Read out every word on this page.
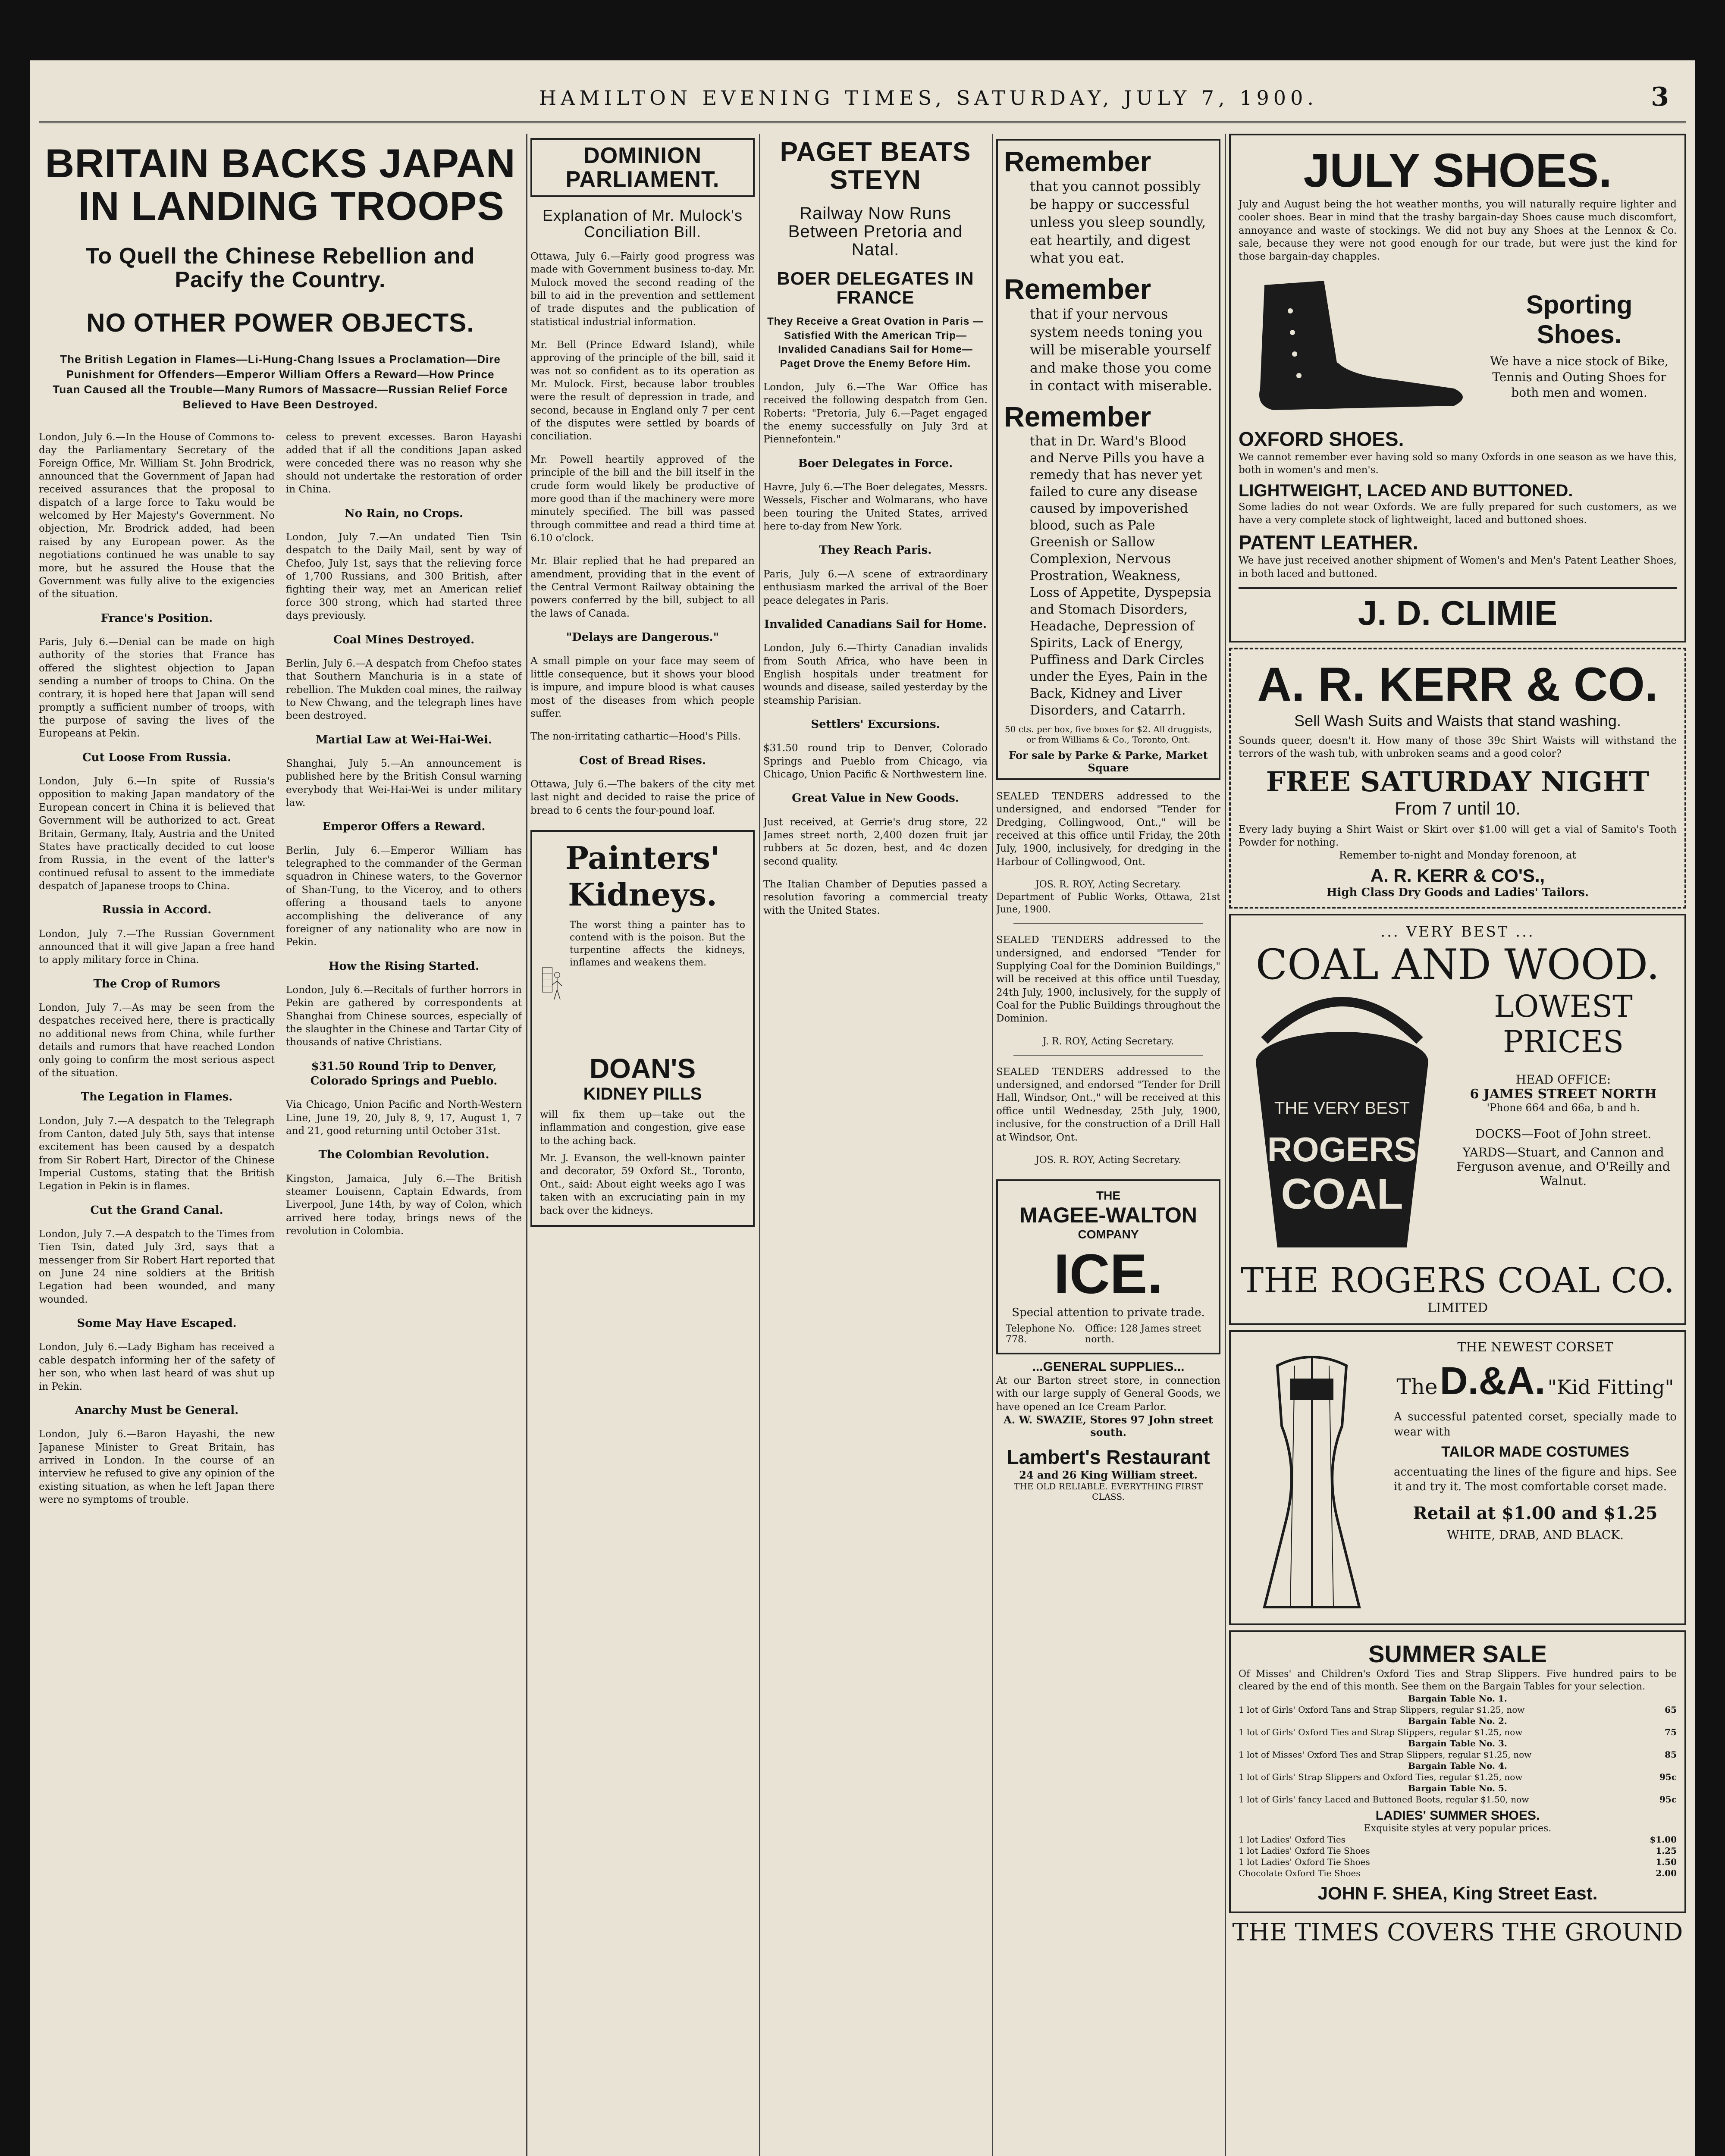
HAMILTON EVENING TIMES, SATURDAY, JULY 7, 1900.	3
BRITAIN BACKS JAPAN
IN LANDING TROOPS
To Quell the Chinese Rebellion and Pacify the Country.
NO OTHER POWER OBJECTS.
The British Legation in Flames—Li-Hung-Chang Issues a Proclamation—Dire Punishment for Offenders—Emperor William Offers a Reward—How Prince Tuan Caused all the Trouble—Many Rumors of Massacre—Russian Relief Force Believed to Have Been Destroyed.

London, July 6.—In the House of Commons to-day the Parliamentary Secretary of the Foreign Office, Mr. William St. John Brodrick, announced that the Government of Japan had received assurances that the proposal to dispatch of a large force to Taku would be welcomed by Her Majesty's Government. No objection, Mr. Brodrick added, had been raised by any European power. As the negotiations continued he was unable to say more, but he assured the House that the Government was fully alive to the exigencies of the situation.

France's Position.

Paris, July 6.—Denial can be made on high authority of the stories that France has offered the slightest objection to Japan sending a number of troops to China. On the contrary, it is hoped here that Japan will send promptly a sufficient number of troops, with the purpose of saving the lives of the Europeans at Pekin.

Cut Loose From Russia.

London, July 6.—In spite of Russia's opposition to making Japan mandatory of the European concert in China it is believed that Government will be authorized to act. Great Britain, Germany, Italy, Austria and the United States have practically decided to cut loose from Russia, in the event of the latter's continued refusal to assent to the immediate despatch of Japanese troops to China.

Russia in Accord.

London, July 7.—The Russian Government announced that it will give Japan a free hand to apply military force in China.

The Crop of Rumors

London, July 7.—As may be seen from the despatches received here, there is practically no additional news from China, while further details and rumors that have reached London only going to confirm the most serious aspect of the situation.

The Legation in Flames.

London, July 7.—A despatch to the Telegraph from Canton, dated July 5th, says that intense excitement has been caused by a despatch from Sir Robert Hart, Director of the Chinese Imperial Customs, stating that the British Legation in Pekin is in flames.

Cut the Grand Canal.

London, July 7.—A despatch to the Times from Tien Tsin, dated July 3rd, says that a messenger from Sir Robert Hart reported that on June 24 nine soldiers at the British Legation had been wounded, and many wounded.

Some May Have Escaped.

London, July 6.—Lady Bigham has received a cable despatch informing her of the safety of her son, who when last heard of was shut up in Pekin.

Anarchy Must be General.

London, July 6.—Baron Hayashi, the new Japanese Minister to Great Britain, has arrived in London. In the course of an interview he refused to give any opinion of the existing situation, as when he left Japan there were no symptoms of trouble.

celess to prevent excesses. Baron Hayashi added that if all the conditions Japan asked were conceded there was no reason why she should not undertake the restoration of order in China.

No Rain, no Crops.

London, July 7.—An undated Tien Tsin despatch to the Daily Mail, sent by way of Chefoo, July 1st, says that the relieving force of 1,700 Russians, and 300 British, after fighting their way, met an American relief force 300 strong, which had started three days previously.

Coal Mines Destroyed.

Berlin, July 6.—A despatch from Chefoo states that Southern Manchuria is in a state of rebellion. The Mukden coal mines, the railway to New Chwang, and the telegraph lines have been destroyed.

Martial Law at Wei-Hai-Wei.

Shanghai, July 5.—An announcement is published here by the British Consul warning everybody that Wei-Hai-Wei is under military law.

Emperor Offers a Reward.

Berlin, July 6.—Emperor William has telegraphed to the commander of the German squadron in Chinese waters, to the Governor of Shan-Tung, to the Viceroy, and to others offering a thousand taels to anyone accomplishing the deliverance of any foreigner of any nationality who are now in Pekin.

How the Rising Started.

London, July 6.—Recitals of further horrors in Pekin are gathered by correspondents at Shanghai from Chinese sources, especially of the slaughter in the Chinese and Tartar City of thousands of native Christians.

$31.50 Round Trip to Denver, Colorado Springs and Pueblo.

Via Chicago, Union Pacific and North-Western Line, June 19, 20, July 8, 9, 17, August 1, 7 and 21, good returning until October 31st.

The Colombian Revolution.

Kingston, Jamaica, July 6.—The British steamer Louisenn, Captain Edwards, from Liverpool, June 14th, by way of Colon, which arrived here today, brings news of the revolution in Colombia.

DOMINION PARLIAMENT.
Explanation of Mr. Mulock's Conciliation Bill.

Ottawa, July 6.—Fairly good progress was made with Government business to-day. Mr. Mulock moved the second reading of the bill to aid in the prevention and settlement of trade disputes and the publication of statistical industrial information.

Mr. Bell (Prince Edward Island), while approving of the principle of the bill, said it was not so confident as to its operation as Mr. Mulock. First, because labor troubles were the result of depression in trade, and second, because in England only 7 per cent of the disputes were settled by boards of conciliation.

Mr. Powell heartily approved of the principle of the bill and the bill itself in the crude form would likely be productive of more good than if the machinery were more minutely specified. The bill was passed through committee and read a third time at 6.10 o'clock.

Mr. Blair replied that he had prepared an amendment, providing that in the event of the Central Vermont Railway obtaining the powers conferred by the bill, subject to all the laws of Canada.

"Delays are Dangerous."

A small pimple on your face may seem of little consequence, but it shows your blood is impure, and impure blood is what causes most of the diseases from which people suffer.

The non-irritating cathartic—Hood's Pills.

Cost of Bread Rises.

Ottawa, July 6.—The bakers of the city met last night and decided to raise the price of bread to 6 cents the four-pound loaf.

Painters' Kidneys.
The worst thing a painter has to contend with is the poison. But the turpentine affects the kidneys, inflames and weakens them.
DOAN'S
KIDNEY PILLS
will fix them up—take out the inflammation and congestion, give ease to the aching back.
Mr. J. Evanson, the well-known painter and decorator, 59 Oxford St., Toronto, Ont., said: About eight weeks ago I was taken with an excruciating pain in my back over the kidneys.
PAGET BEATS STEYN
Railway Now Runs Between Pretoria and Natal.
BOER DELEGATES IN FRANCE
They Receive a Great Ovation in Paris — Satisfied With the American Trip—Invalided Canadians Sail for Home—Paget Drove the Enemy Before Him.

London, July 6.—The War Office has received the following despatch from Gen. Roberts: "Pretoria, July 6.—Paget engaged the enemy successfully on July 3rd at Piennefontein."

Boer Delegates in Force.

Havre, July 6.—The Boer delegates, Messrs. Wessels, Fischer and Wolmarans, who have been touring the United States, arrived here to-day from New York.

They Reach Paris.

Paris, July 6.—A scene of extraordinary enthusiasm marked the arrival of the Boer peace delegates in Paris.

Invalided Canadians Sail for Home.

London, July 6.—Thirty Canadian invalids from South Africa, who have been in English hospitals under treatment for wounds and disease, sailed yesterday by the steamship Parisian.

Settlers' Excursions.

$31.50 round trip to Denver, Colorado Springs and Pueblo from Chicago, via Chicago, Union Pacific & Northwestern line.

Great Value in New Goods.

Just received, at Gerrie's drug store, 22 James street north, 2,400 dozen fruit jar rubbers at 5c dozen, best, and 4c dozen second quality.

The Italian Chamber of Deputies passed a resolution favoring a commercial treaty with the United States.

Remember
that you cannot possibly be happy or successful unless you sleep soundly, eat heartily, and digest what you eat.
Remember
that if your nervous system needs toning you will be miserable yourself and make those you come in contact with miserable.
Remember
that in Dr. Ward's Blood and Nerve Pills you have a remedy that has never yet failed to cure any disease caused by impoverished blood, such as Pale Greenish or Sallow Complexion, Nervous Prostration, Weakness, Loss of Appetite, Dyspepsia and Stomach Disorders, Headache, Depression of Spirits, Lack of Energy, Puffiness and Dark Circles under the Eyes, Pain in the Back, Kidney and Liver Disorders, and Catarrh.
50 cts. per box, five boxes for $2. All druggists, or from Williams & Co., Toronto, Ont.
For sale by Parke & Parke, Market Square

SEALED TENDERS addressed to the undersigned, and endorsed "Tender for Dredging, Collingwood, Ont.," will be received at this office until Friday, the 20th July, 1900, inclusively, for dredging in the Harbour of Collingwood, Ont.

JOS. R. ROY, Acting Secretary.
Department of Public Works, Ottawa, 21st June, 1900.

SEALED TENDERS addressed to the undersigned, and endorsed "Tender for Supplying Coal for the Dominion Buildings," will be received at this office until Tuesday, 24th July, 1900, inclusively, for the supply of Coal for the Public Buildings throughout the Dominion.

J. R. ROY, Acting Secretary.

SEALED TENDERS addressed to the undersigned, and endorsed "Tender for Drill Hall, Windsor, Ont.," will be received at this office until Wednesday, 25th July, 1900, inclusive, for the construction of a Drill Hall at Windsor, Ont.

JOS. R. ROY, Acting Secretary.
THE
MAGEE-WALTON
COMPANY
ICE.
Special attention to private trade.
Telephone No. 778.
Office: 128 James street north.
...GENERAL SUPPLIES...
At our Barton street store, in connection with our large supply of General Goods, we have opened an Ice Cream Parlor.
A. W. SWAZIE, Stores 97 John street south.
Lambert's Restaurant
24 and 26 King William street.
THE OLD RELIABLE. EVERYTHING FIRST CLASS.
JULY SHOES.
July and August being the hot weather months, you will naturally require lighter and cooler shoes. Bear in mind that the trashy bargain-day Shoes cause much discomfort, annoyance and waste of stockings. We did not buy any Shoes at the Lennox & Co. sale, because they were not good enough for our trade, but were just the kind for those bargain-day chapples.
Sporting Shoes.
We have a nice stock of Bike, Tennis and Outing Shoes for both men and women.
OXFORD SHOES.
We cannot remember ever having sold so many Oxfords in one season as we have this, both in women's and men's.
LIGHTWEIGHT, LACED AND BUTTONED.
Some ladies do not wear Oxfords. We are fully prepared for such customers, as we have a very complete stock of lightweight, laced and buttoned shoes.
PATENT LEATHER.
We have just received another shipment of Women's and Men's Patent Leather Shoes, in both laced and buttoned.
J. D. CLIMIE
A. R. KERR & CO.
Sell Wash Suits and Waists that stand washing.
Sounds queer, doesn't it. How many of those 39c Shirt Waists will withstand the terrors of the wash tub, with unbroken seams and a good color?
FREE SATURDAY NIGHT
From 7 until 10.
Every lady buying a Shirt Waist or Skirt over $1.00 will get a vial of Samito's Tooth Powder for nothing.
Remember to-night and Monday forenoon, at
A. R. KERR & CO'S.,
High Class Dry Goods and Ladies' Tailors.
... VERY BEST ...
COAL AND WOOD.
THE VERY BEST
ROGERS
COAL
LOWEST
PRICES
HEAD OFFICE:
6 JAMES STREET NORTH
'Phone 664 and 66a, b and h.
DOCKS—Foot of John street.
YARDS—Stuart, and Cannon and Ferguson avenue, and O'Reilly and Walnut.
THE ROGERS COAL CO. LIMITED
THE NEWEST CORSET
The D.&A. "Kid Fitting"
A successful patented corset, specially made to wear with
TAILOR MADE COSTUMES
accentuating the lines of the figure and hips. See it and try it. The most comfortable corset made.
Retail at $1.00 and $1.25
WHITE, DRAB, AND BLACK.
SUMMER SALE
Of Misses' and Children's Oxford Ties and Strap Slippers. Five hundred pairs to be cleared by the end of this month. See them on the Bargain Tables for your selection.
Bargain Table No. 1.
1 lot of Girls' Oxford Tans and Strap Slippers, regular $1.25, now	65
Bargain Table No. 2.
1 lot of Girls' Oxford Ties and Strap Slippers, regular $1.25, now	75
Bargain Table No. 3.
1 lot of Misses' Oxford Ties and Strap Slippers, regular $1.25, now	85
Bargain Table No. 4.
1 lot of Girls' Strap Slippers and Oxford Ties, regular $1.25, now	95c
Bargain Table No. 5.
1 lot of Girls' fancy Laced and Buttoned Boots, regular $1.50, now	95c
LADIES' SUMMER SHOES.
Exquisite styles at very popular prices.
1 lot Ladies' Oxford Ties	$1.00
1 lot Ladies' Oxford Tie Shoes	1.25
1 lot Ladies' Oxford Tie Shoes	1.50
Chocolate Oxford Tie Shoes	2.00
JOHN F. SHEA, King Street East.
THE TIMES COVERS THE GROUND
